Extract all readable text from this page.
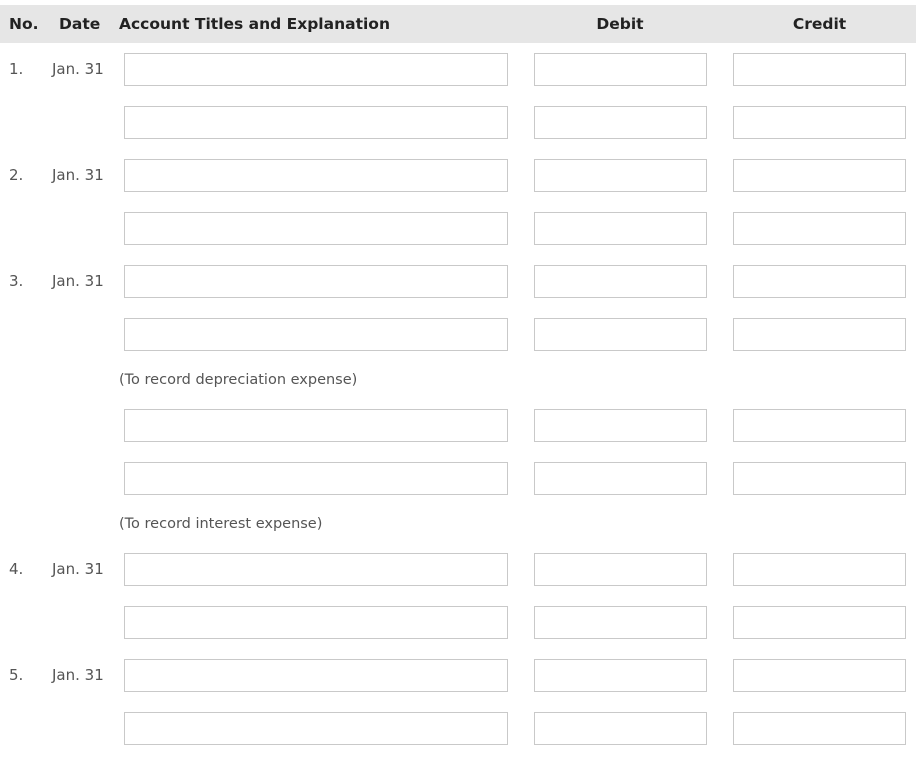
No. Date Account Titles and Explanation	Debit	Credit
1. Jan. 31
2. Jan. 31
3. Jan. 31
(To record depreciation expense)
(To record interest expense)
4. Jan. 31
5. Jan. 31
